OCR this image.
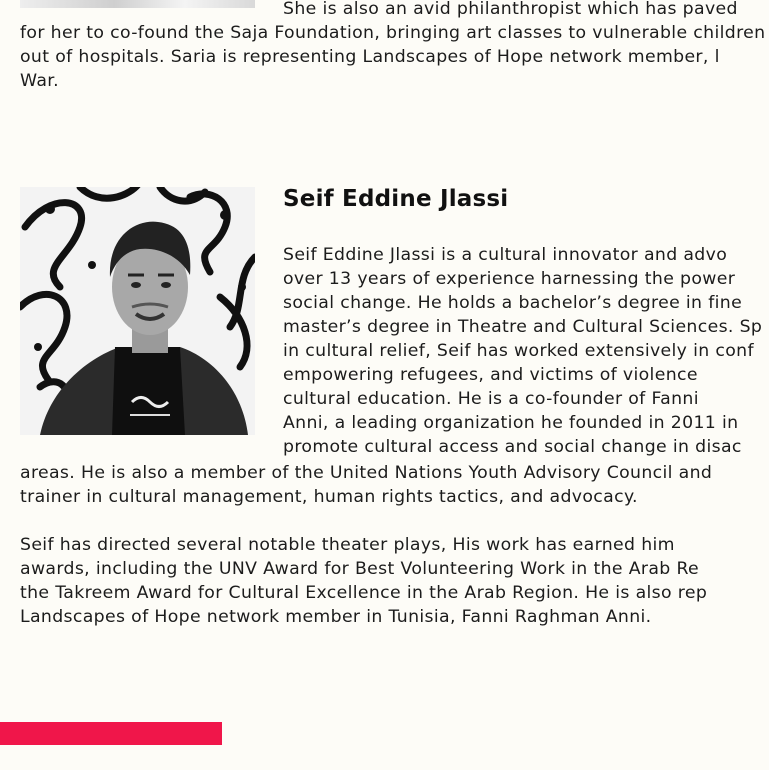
She is also an avid philanthropist which has paved
for her to co-found the Saja Foundation, bringing art classes to vulnerable children
out of hospitals. Saria is representing Landscapes of Hope network member, l
War.
Seif Eddine Jlassi
Seif Eddine Jlassi is a cultural innovator and advo
over 13 years of experience harnessing the power
social change. He holds a bachelor’s degree in fine
master’s degree in Theatre and Cultural Sciences. Sp
in cultural relief, Seif has worked extensively in conf
empowering refugees, and victims of violence
cultural education. He is a co-founder of Fanni
Anni, a leading organization he founded in 2011 in
promote cultural access and social change in disac
areas. He is also a member of the United Nations Youth Advisory Council and
trainer in cultural management, human rights tactics, and advocacy.
Seif has directed several notable theater plays, His work has earned him
awards, including the UNV Award for Best Volunteering Work in the Arab Re
the Takreem Award for Cultural Excellence in the Arab Region. He is also rep
Landscapes of Hope network member in Tunisia, Fanni Raghman Anni.
